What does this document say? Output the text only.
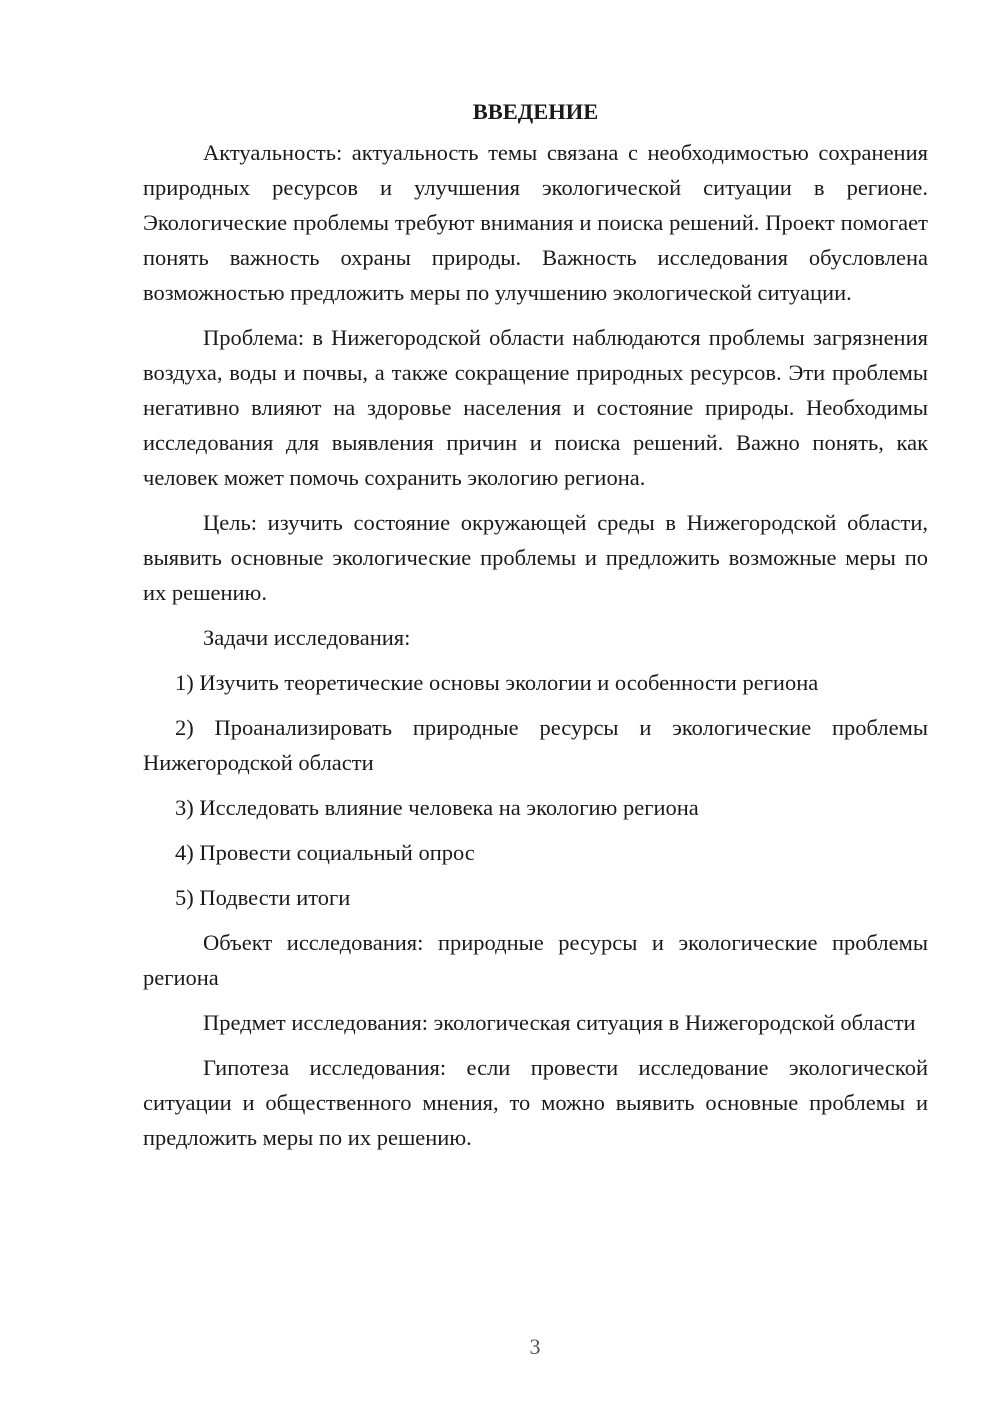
ВВЕДЕНИЕ

Актуальность: актуальность темы связана с необходимостью сохранения природных ресурсов и улучшения экологической ситуации в регионе. Экологические проблемы требуют внимания и поиска решений. Проект помогает понять важность охраны природы. Важность исследования обусловлена возможностью предложить меры по улучшению экологической ситуации.

Проблема: в Нижегородской области наблюдаются проблемы загрязнения воздуха, воды и почвы, а также сокращение природных ресурсов. Эти проблемы негативно влияют на здоровье населения и состояние природы. Необходимы исследования для выявления причин и поиска решений. Важно понять, как человек может помочь сохранить экологию региона.

Цель: изучить состояние окружающей среды в Нижегородской области, выявить основные экологические проблемы и предложить возможные меры по их решению.

Задачи исследования:

1) Изучить теоретические основы экологии и особенности региона

2) Проанализировать природные ресурсы и экологические проблемы Нижегородской области

3) Исследовать влияние человека на экологию региона

4) Провести социальный опрос

5) Подвести итоги

Объект исследования: природные ресурсы и экологические проблемы региона

Предмет исследования: экологическая ситуация в Нижегородской области

Гипотеза исследования: если провести исследование экологической ситуации и общественного мнения, то можно выявить основные проблемы и предложить меры по их решению.

3
